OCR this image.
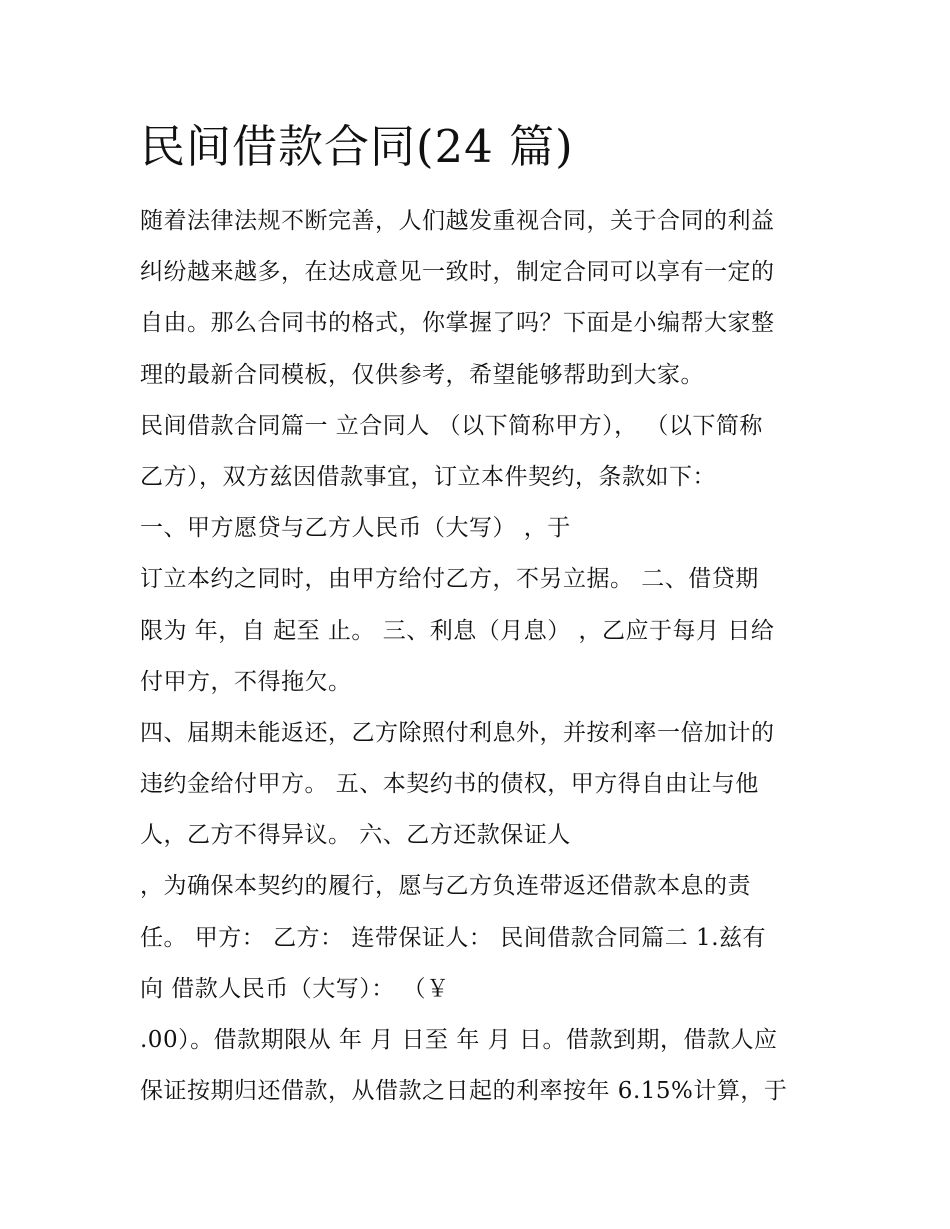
民间借款合同(24 篇)
随着法律法规不断完善，人们越发重视合同，关于合同的利益
纠纷越来越多，在达成意见一致时，制定合同可以享有一定的
自由。那么合同书的格式，你掌握了吗？下面是小编帮大家整
理的最新合同模板，仅供参考，希望能够帮助到大家。
民间借款合同篇一 立合同人 （以下简称甲方）， （以下简称
乙方），双方兹因借款事宜，订立本件契约，条款如下：
一、甲方愿贷与乙方人民币（大写） ，于
订立本约之同时，由甲方给付乙方，不另立据。 二、借贷期
限为 年，自 起至 止。 三、利息（月息） ，乙应于每月 日给
付甲方，不得拖欠。
四、届期未能返还，乙方除照付利息外，并按利率一倍加计的
违约金给付甲方。 五、本契约书的债权，甲方得自由让与他
人，乙方不得异议。 六、乙方还款保证人
，为确保本契约的履行，愿与乙方负连带返还借款本息的责
任。 甲方： 乙方： 连带保证人： 民间借款合同篇二 1.兹有
向 借款人民币（大写）： （￥
.00）。借款期限从 年 月 日至 年 月 日。借款到期，借款人应
保证按期归还借款，从借款之日起的利率按年 6.15%计算，于
